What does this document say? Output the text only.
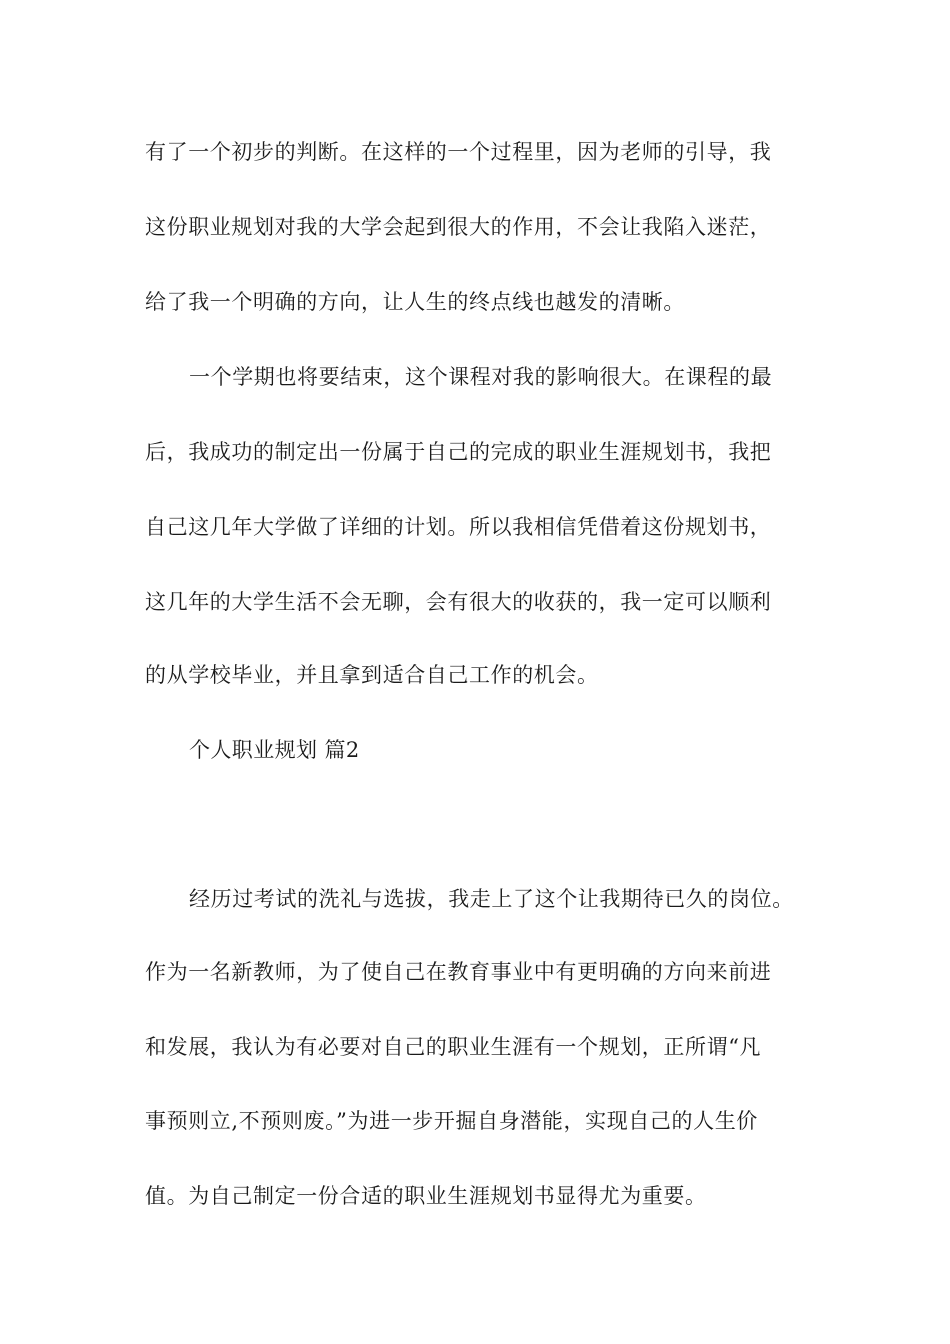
有了一个初步的判断。在这样的一个过程里，因为老师的引导，我
这份职业规划对我的大学会起到很大的作用，不会让我陷入迷茫，
给了我一个明确的方向，让人生的终点线也越发的清晰。
一个学期也将要结束，这个课程对我的影响很大。在课程的最
后，我成功的制定出一份属于自己的完成的职业生涯规划书，我把
自己这几年大学做了详细的计划。所以我相信凭借着这份规划书，
这几年的大学生活不会无聊，会有很大的收获的，我一定可以顺利
的从学校毕业，并且拿到适合自己工作的机会。
个人职业规划 篇2
经历过考试的洗礼与选拔，我走上了这个让我期待已久的岗位。
作为一名新教师，为了使自己在教育事业中有更明确的方向来前进
和发展，我认为有必要对自己的职业生涯有一个规划，正所谓“凡
事预则立,不预则废。”为进一步开掘自身潜能，实现自己的人生价
值。为自己制定一份合适的职业生涯规划书显得尤为重要。
